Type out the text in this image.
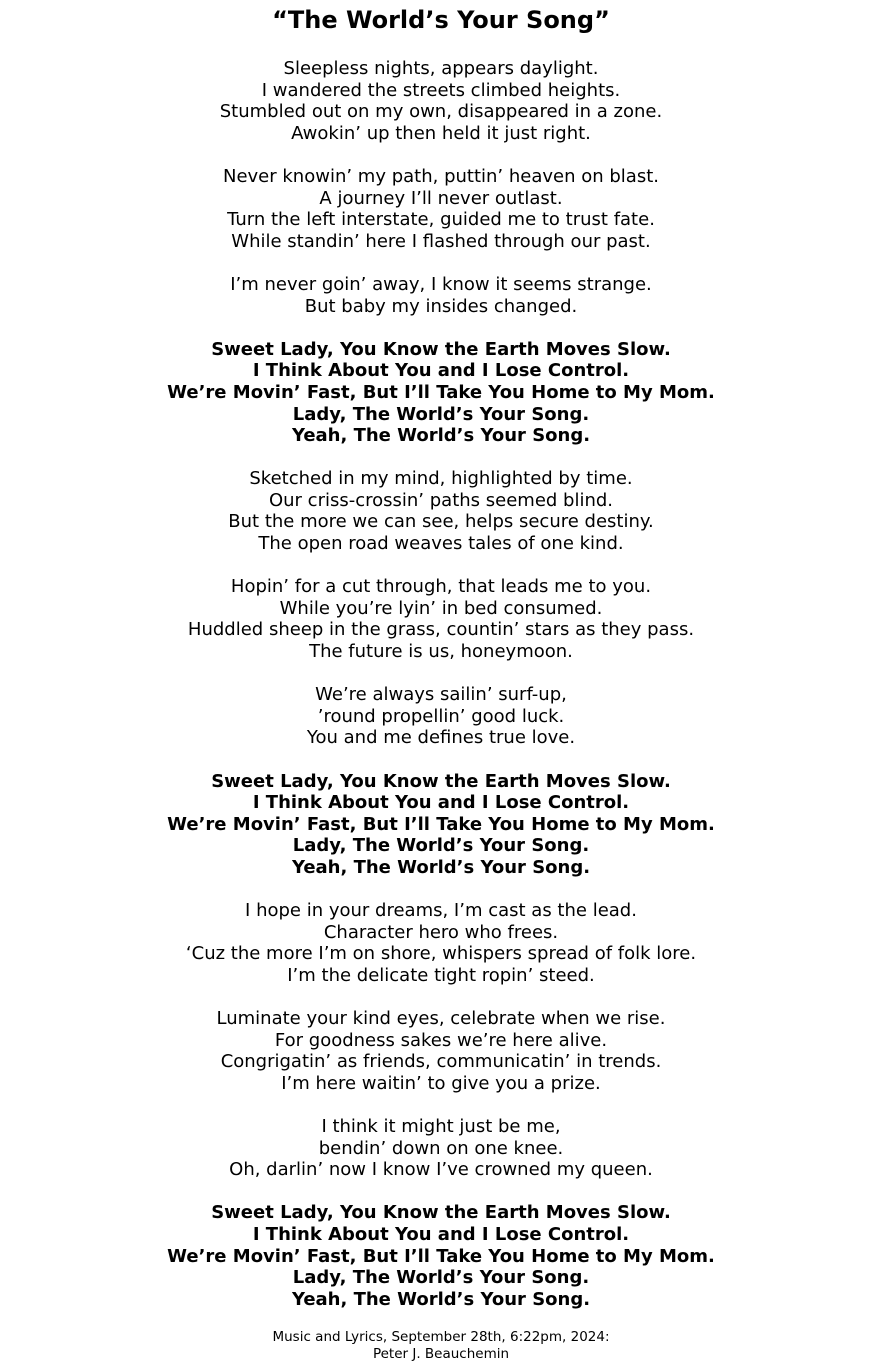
“The World’s Your Song”

Sleepless nights, appears daylight.
I wandered the streets climbed heights.
Stumbled out on my own, disappeared in a zone.
Awokin’ up then held it just right.

Never knowin’ my path, puttin’ heaven on blast.
A journey I’ll never outlast.
Turn the left interstate, guided me to trust fate.
While standin’ here I flashed through our past.

I’m never goin’ away, I know it seems strange.
But baby my insides changed.

Sweet Lady, You Know the Earth Moves Slow.
I Think About You and I Lose Control.
We’re Movin’ Fast, But I’ll Take You Home to My Mom.
Lady, The World’s Your Song.
Yeah, The World’s Your Song.

Sketched in my mind, highlighted by time.
Our criss-crossin’ paths seemed blind.
But the more we can see, helps secure destiny.
The open road weaves tales of one kind.

Hopin’ for a cut through, that leads me to you.
While you’re lyin’ in bed consumed.
Huddled sheep in the grass, countin’ stars as they pass.
The future is us, honeymoon.

We’re always sailin’ surf-up,
’round propellin’ good luck.
You and me defines true love.

Sweet Lady, You Know the Earth Moves Slow.
I Think About You and I Lose Control.
We’re Movin’ Fast, But I’ll Take You Home to My Mom.
Lady, The World’s Your Song.
Yeah, The World’s Your Song.

I hope in your dreams, I’m cast as the lead.
Character hero who frees.
‘Cuz the more I’m on shore, whispers spread of folk lore.
I’m the delicate tight ropin’ steed.

Luminate your kind eyes, celebrate when we rise.
For goodness sakes we’re here alive.
Congrigatin’ as friends, communicatin’ in trends.
I’m here waitin’ to give you a prize.

I think it might just be me,
bendin’ down on one knee.
Oh, darlin’ now I know I’ve crowned my queen.

Sweet Lady, You Know the Earth Moves Slow.
I Think About You and I Lose Control.
We’re Movin’ Fast, But I’ll Take You Home to My Mom.
Lady, The World’s Your Song.
Yeah, The World’s Your Song.

Music and Lyrics, September 28th, 6:22pm, 2024:
Peter J. Beauchemin
